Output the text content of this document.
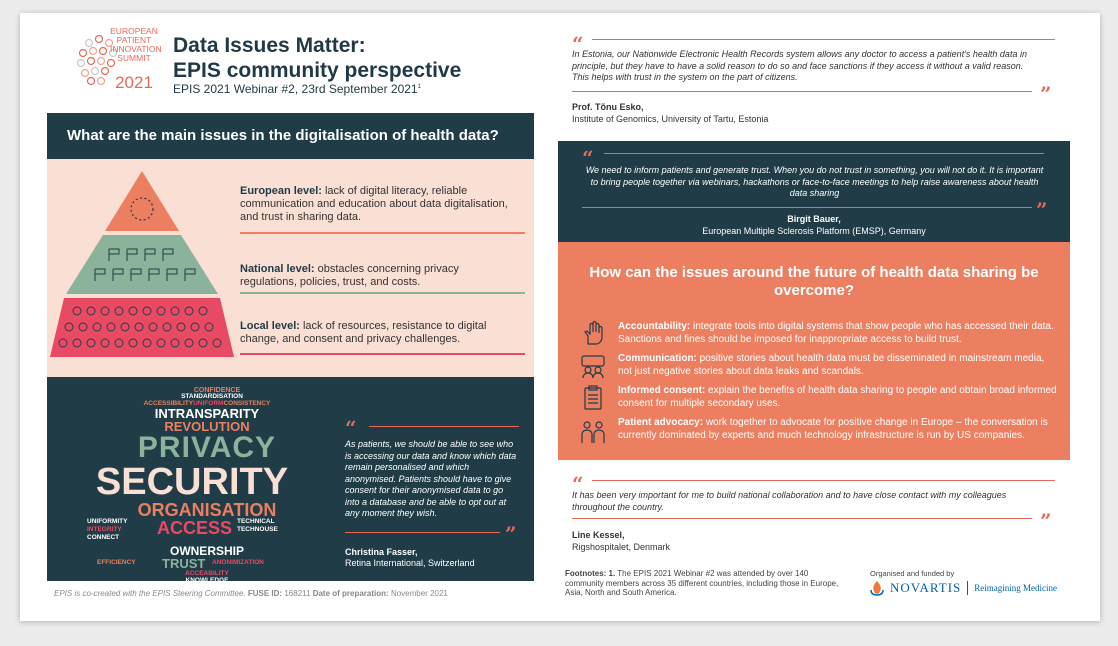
EUROPEAN
PATIENT
INNOVATION
SUMMIT
2021
Data Issues Matter:
EPIS community perspective
EPIS 2021 Webinar #2, 23rd September 2021$^1$
What are the main issues in the digitalisation of health data?
European level: lack of digital literacy, reliable communication and education about data digitalisation, and trust in sharing data.
National level: obstacles concerning privacy regulations, policies, trust, and costs.
Local level: lack of resources, resistance to digital change, and consent and privacy challenges.
CONFIDENCE
STANDARDISATION
ACCESSIBILITYUNIFORMCONSISTENCY
INTRANSPARITY
REVOLUTION
PRIVACY
SECURITY
ORGANISATION
UNIFORMITY
INTEGRITY
CONNECT ACCESS TECHNICAL
TECHNOUSE
OWNERSHIP
EFFICIENCY TRUST ANONIMIZATION
ACCEABILITY
KNOWLEDGE
UNDERSTANDING
“
As patients, we should be able to see who is accessing our data and know which data remain personalised and which anonymised. Patients should have to give consent for their anonymised data to go into a database and be able to opt out at any moment they wish.
”
Christina Fasser,
Retina International, Switzerland
EPIS is co-created with the EPIS Steering Committee. FUSE ID: 168211 Date of preparation: November 2021
“
In Estonia, our Nationwide Electronic Health Records system allows any doctor to access a patient's health data in principle, but they have to have a solid reason to do so and face sanctions if they access it without a valid reason. This helps with trust in the system on the part of citizens.
”
Prof. Tõnu Esko,
Institute of Genomics, University of Tartu, Estonia
“
We need to inform patients and generate trust. When you do not trust in something, you will not do it. It is important to bring people together via webinars, hackathons or face-to-face meetings to help raise awareness about health data sharing
”
Birgit Bauer,
European Multiple Sclerosis Platform (EMSP), Germany
How can the issues around the future of health data sharing be overcome?
Accountability: integrate tools into digital systems that show people who has accessed their data. Sanctions and fines should be imposed for inappropriate access to build trust.
Communication: positive stories about health data must be disseminated in mainstream media, not just negative stories about data leaks and scandals.
Informed consent: explain the benefits of health data sharing to people and obtain broad informed consent for multiple secondary uses.
Patient advocacy: work together to advocate for positive change in Europe – the conversation is currently dominated by experts and much technology infrastructure is run by US companies.
“
It has been very important for me to build national collaboration and to have close contact with my colleagues throughout the country.
”
Line Kessel,
Rigshospitalet, Denmark
Footnotes: 1. The EPIS 2021 Webinar #2 was attended by over 140 community members across 35 different countries, including those in Europe, Asia, North and South America.
Organised and funded by
NOVARTIS Reimagining Medicine
